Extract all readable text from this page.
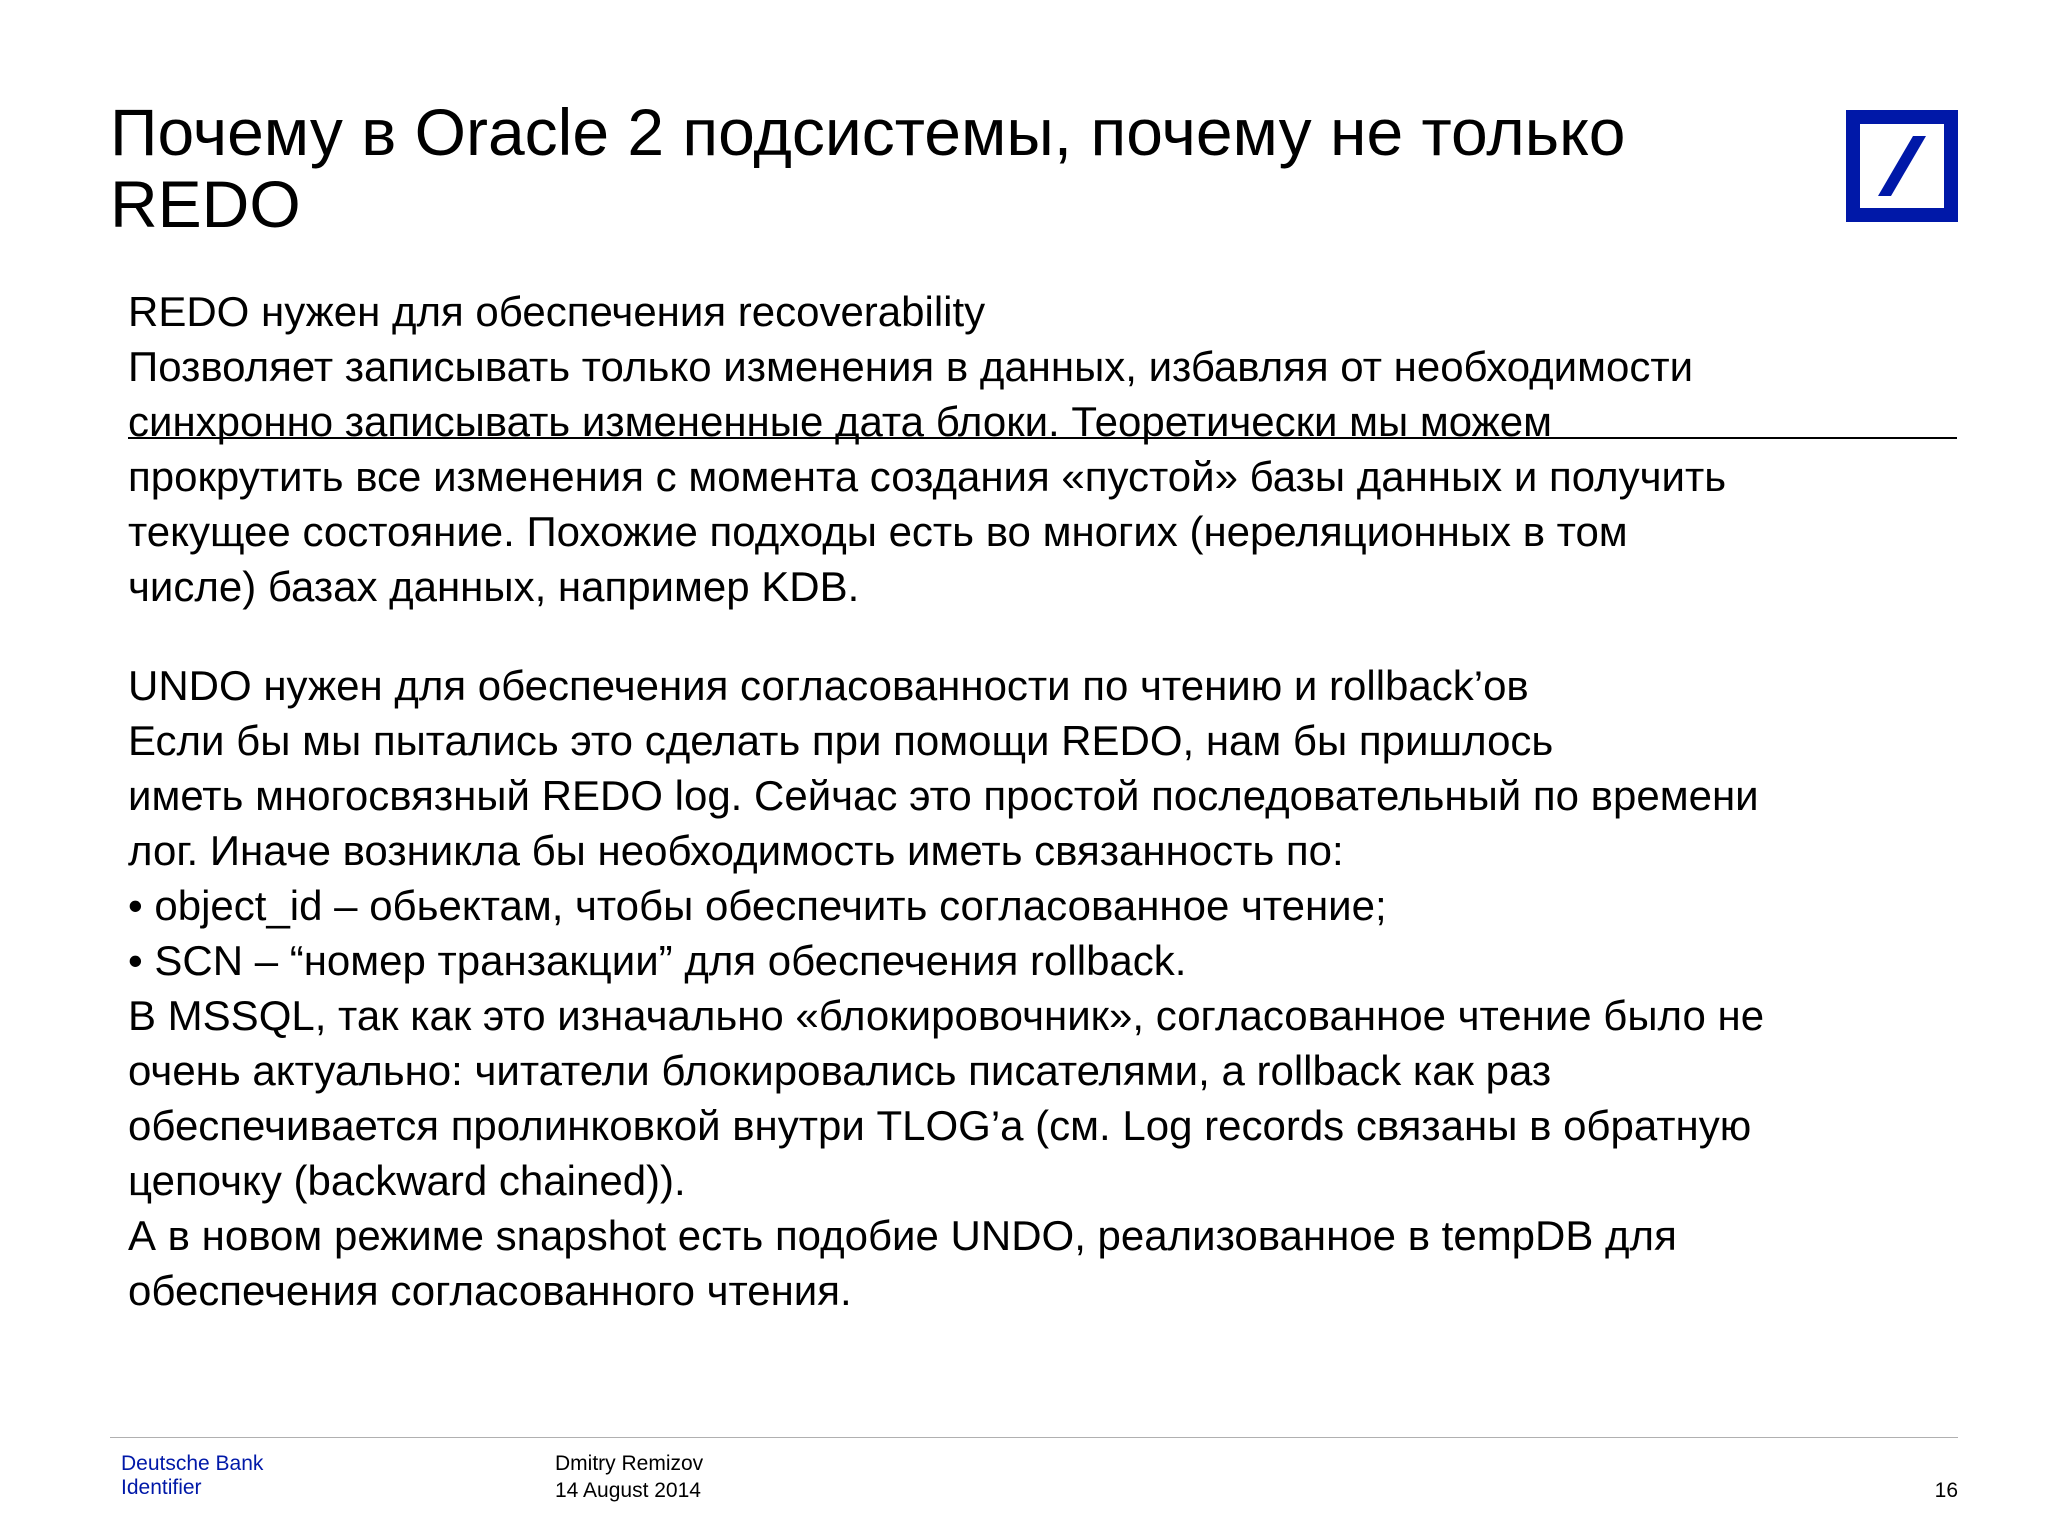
Почему в Oracle 2 подсистемы, почему не только REDO
REDO нужен для обеспечения recoverability
Позволяет записывать только изменения в данных, избавляя от необходимости
синхронно записывать измененные дата блоки. Теоретически мы можем
прокрутить все изменения с момента создания «пустой» базы данных и получить
текущее состояние. Похожие подходы есть во многих (нереляционных в том
числе) базах данных, например KDB.
UNDO нужен для обеспечения согласованности по чтению и rollback’ов
Если бы мы пытались это сделать при помощи REDO, нам бы пришлось
иметь многосвязный REDO log. Сейчас это простой последовательный по времени
лог. Иначе возникла бы необходимость иметь связанность по:
• object_id – обьектам, чтобы обеспечить согласованное чтение;
• SCN – “номер транзакции” для обеспечения rollback.
В MSSQL, так как это изначально «блокировочник», согласованное чтение было не
очень актуально: читатели блокировались писателями, а rollback как раз
обеспечивается пролинковкой внутри TLOG’а (см. Log records связаны в обратную
цепочку (backward chained)).
А в новом режиме snapshot есть подобие UNDO, реализованное в tempDB для
обеспечения согласованного чтения.
Deutsche Bank
Identifier
Dmitry Remizov
14 August 2014	16
